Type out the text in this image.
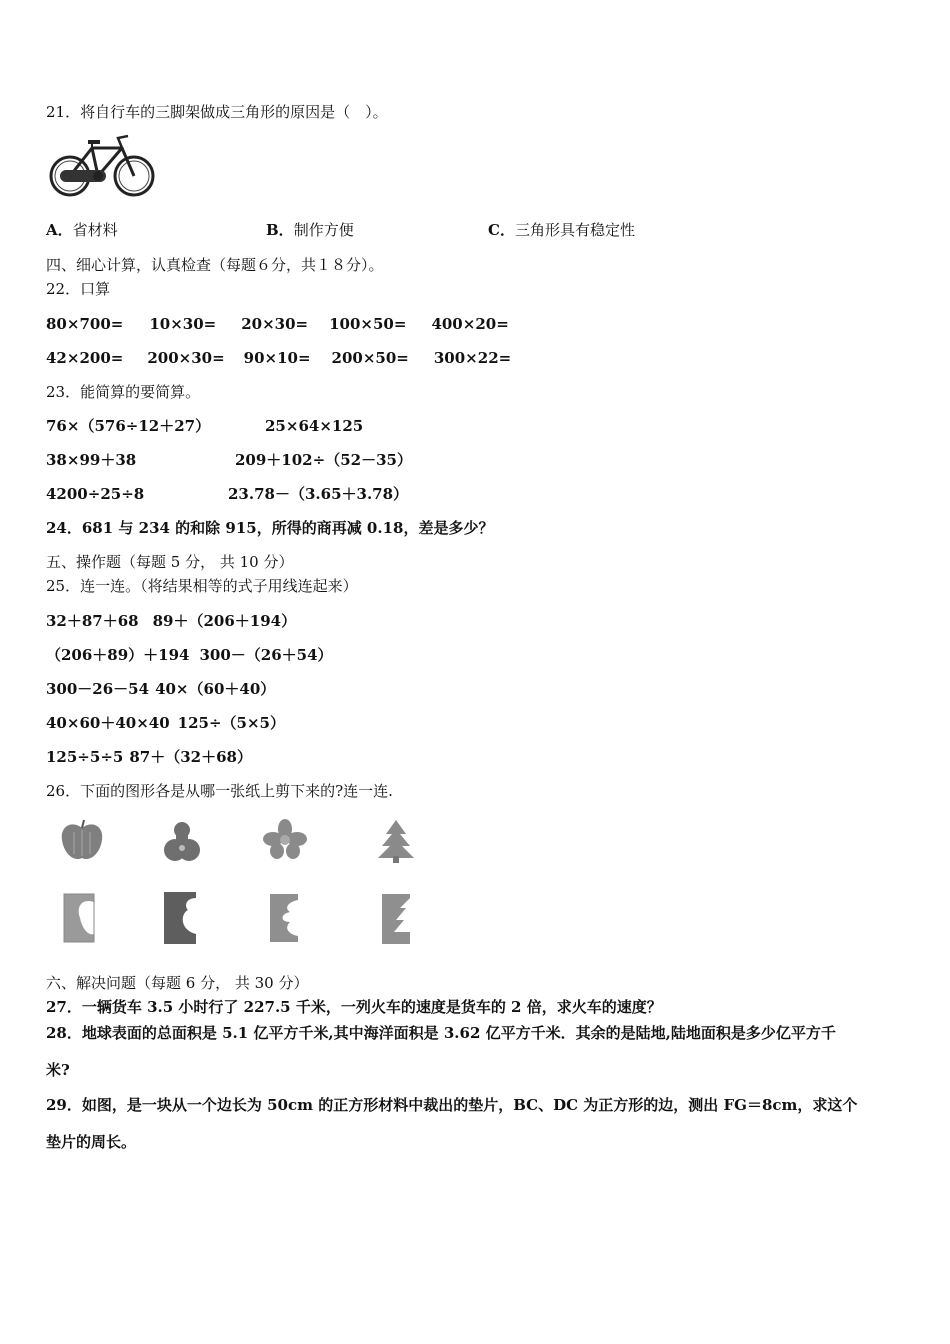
21．将自行车的三脚架做成三角形的原因是（　）。
A．省材料	B．制作方便	C．三角形具有稳定性
四、细心计算，认真检查（每题６分，共１８分）。
22．口算
80×700= 10×30= 20×30= 100×50= 400×20=
42×200= 200×30= 90×10= 200×50= 300×22=
23．能简算的要简算。
76×（576÷12＋27）	25×64×125
38×99＋38	209＋102÷（52－35）
4200÷25÷8	23.78－（3.65＋3.78）
24．681 与 234 的和除 915，所得的商再减 0.18，差是多少？
五、操作题（每题 5 分， 共 10 分）
25．连一连。（将结果相等的式子用线连起来）
32＋87＋68 89＋（206＋194）
（206＋89）＋194 300－（26＋54）
300－26－54 40×（60＋40）
40×60＋40×40 125÷（5×5）
125÷5÷5 87＋（32＋68）
26．下面的图形各是从哪一张纸上剪下来的?连一连.
六、解决问题（每题 6 分， 共 30 分）
27．一辆货车 3.5 小时行了 227.5 千米，一列火车的速度是货车的 2 倍，求火车的速度？
28．地球表面的总面积是 5.1 亿平方千米,其中海洋面积是 3.62 亿平方千米．其余的是陆地,陆地面积是多少亿平方千
米?
29．如图，是一块从一个边长为 50cm 的正方形材料中裁出的垫片，BC、DC 为正方形的边，测出 FG＝8cm，求这个
垫片的周长。
